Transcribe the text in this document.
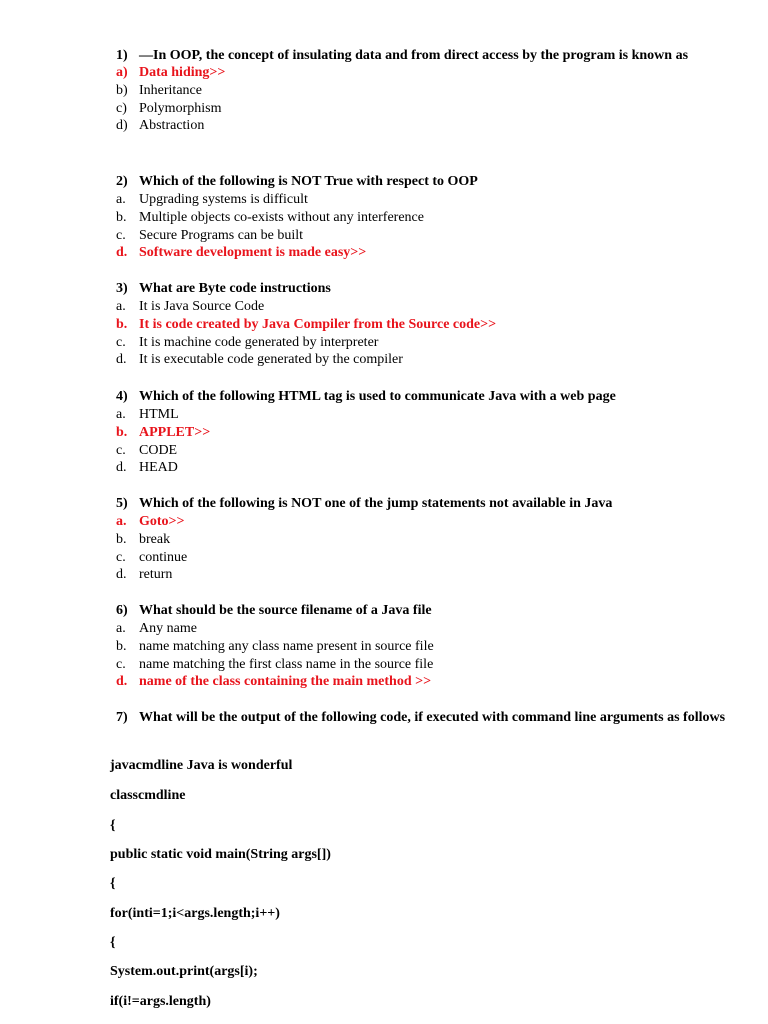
1) —In OOP, the concept of insulating data and from direct access by the program is known as
a) Data hiding>>
b) Inheritance
c) Polymorphism
d) Abstraction
2) Which of the following is NOT True with respect to OOP
a. Upgrading systems is difficult
b. Multiple objects co-exists without any interference
c. Secure Programs can be built
d. Software development is made easy>>
3) What are Byte code instructions
a. It is Java Source Code
b. It is code created by Java Compiler from the Source code>>
c. It is machine code generated by interpreter
d. It is executable code generated by the compiler
4) Which of the following HTML tag is used to communicate Java with a web page
a. HTML
b. APPLET>>
c. CODE
d. HEAD
5) Which of the following is NOT one of the jump statements not available in Java
a. Goto>>
b. break
c. continue
d. return
6) What should be the source filename of a Java file
a. Any name
b. name matching any class name present in source file
c. name matching the first class name in the source file
d. name of the class containing the main method >>
7) What will be the output of the following code, if executed with command line arguments as follows
javacmdline Java is wonderful
classcmdline
{
public static void main(String args[])
{
for(inti=1;i<args.length;i++)
{
System.out.print(args[i);
if(i!=args.length)
